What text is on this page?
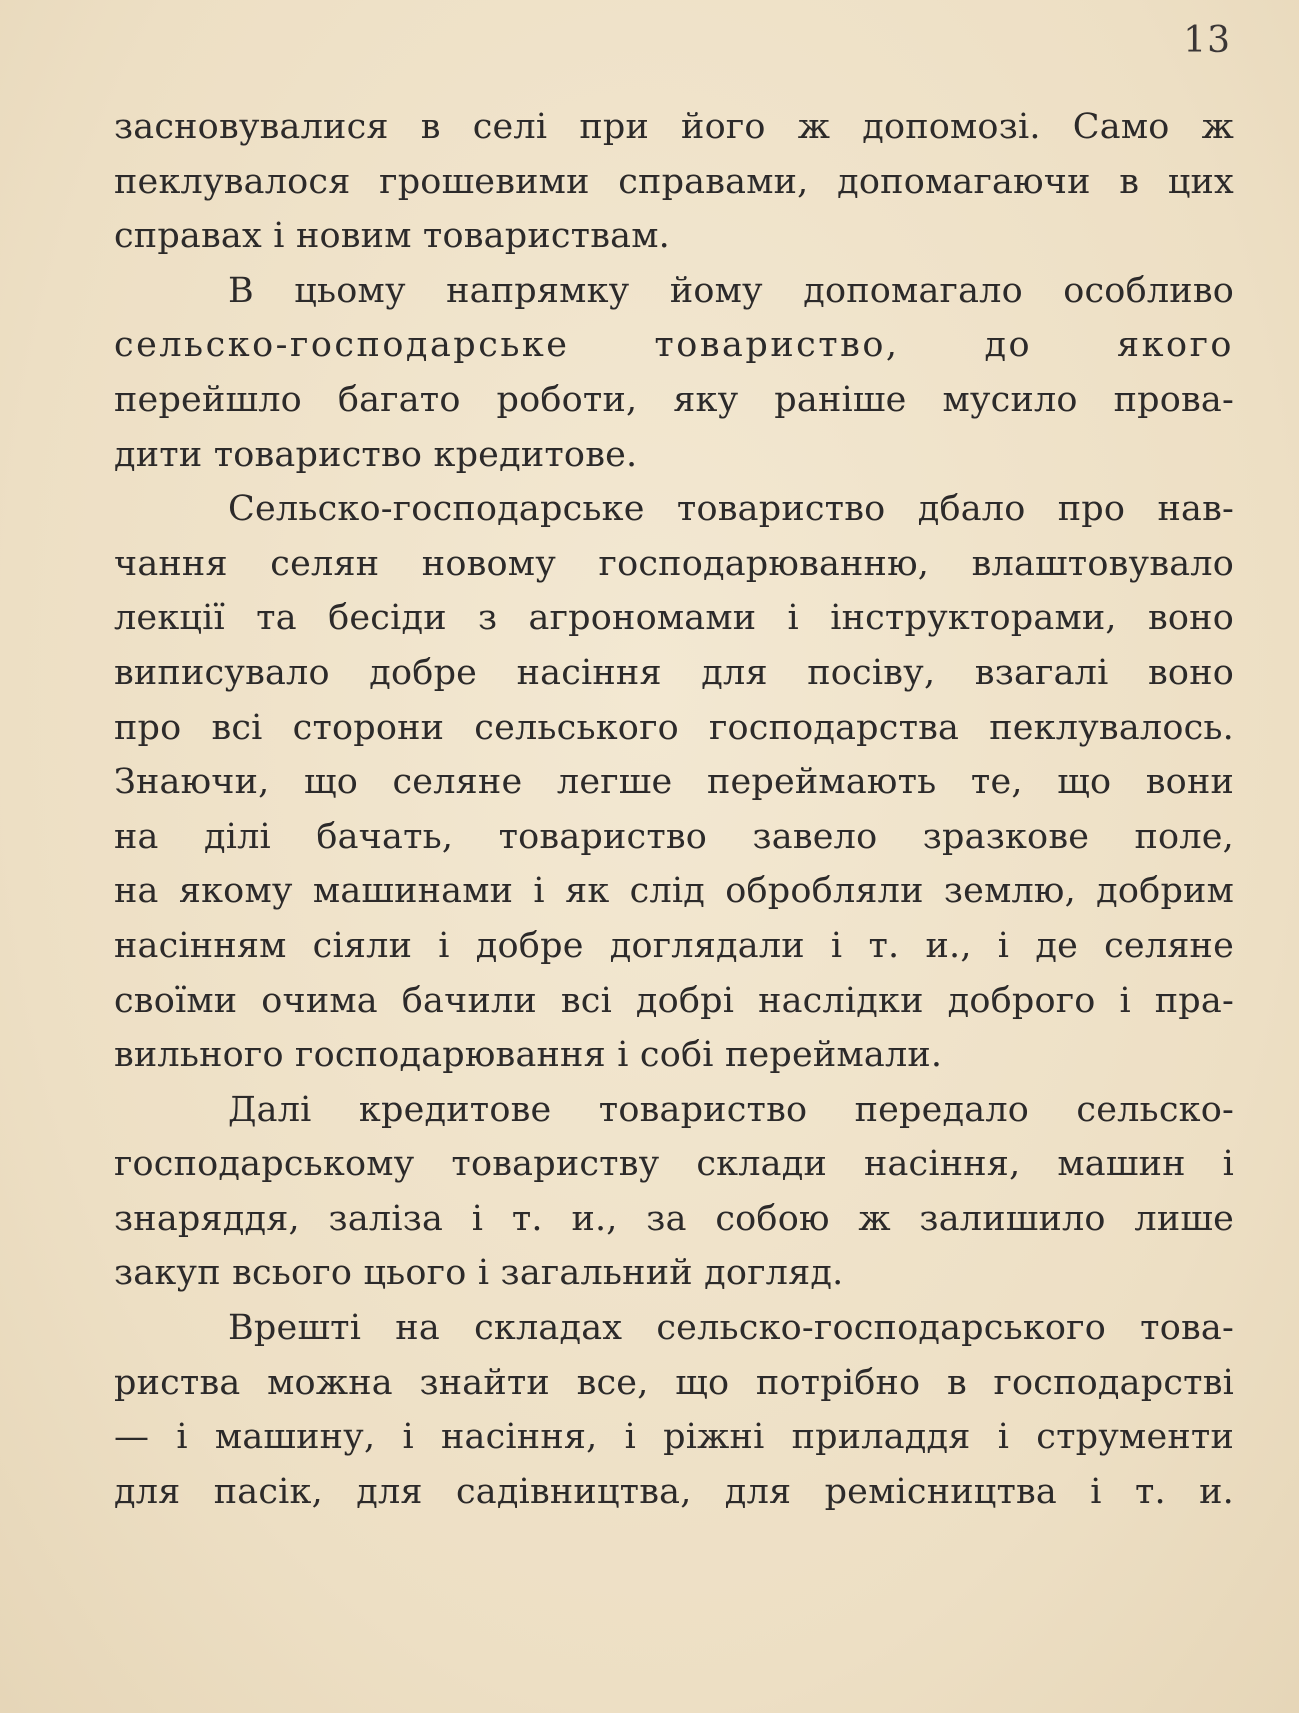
13
засновувалися в селі при його ж допомозі. Само ж
пеклувалося грошевими справами, допомагаючи в цих
справах і новим товариствам.
В цьому напрямку йому допомагало особливо
сельско-господарське товариство, до якого
перейшло багато роботи, яку раніше мусило прова-
дити товариство кредитове.
Сельско-господарське товариство дбало про нав-
чання селян новому господарюванню, влаштовувало
лекції та бесіди з агрономами і інструкторами, воно
виписувало добре насіння для посіву, взагалі воно
про всі сторони сельського господарства пеклувалось.
Знаючи, що селяне легше переймають те, що вони
на ділі бачать, товариство завело зразкове поле,
на якому машинами і як слід обробляли землю, добрим
насінням сіяли і добре доглядали і т. и., і де селяне
своїми очима бачили всі добрі наслідки доброго і пра-
вильного господарювання і собі переймали.
Далі кредитове товариство передало сельско-
господарському товариству склади насіння, машин і
знаряддя, заліза і т. и., за собою ж залишило лише
закуп всього цього і загальний догляд.
Врешті на складах сельско-господарського това-
риства можна знайти все, що потрібно в господарстві
— і машину, і насіння, і ріжні приладдя і струменти
для пасік, для садівництва, для ремісництва і т. и.
